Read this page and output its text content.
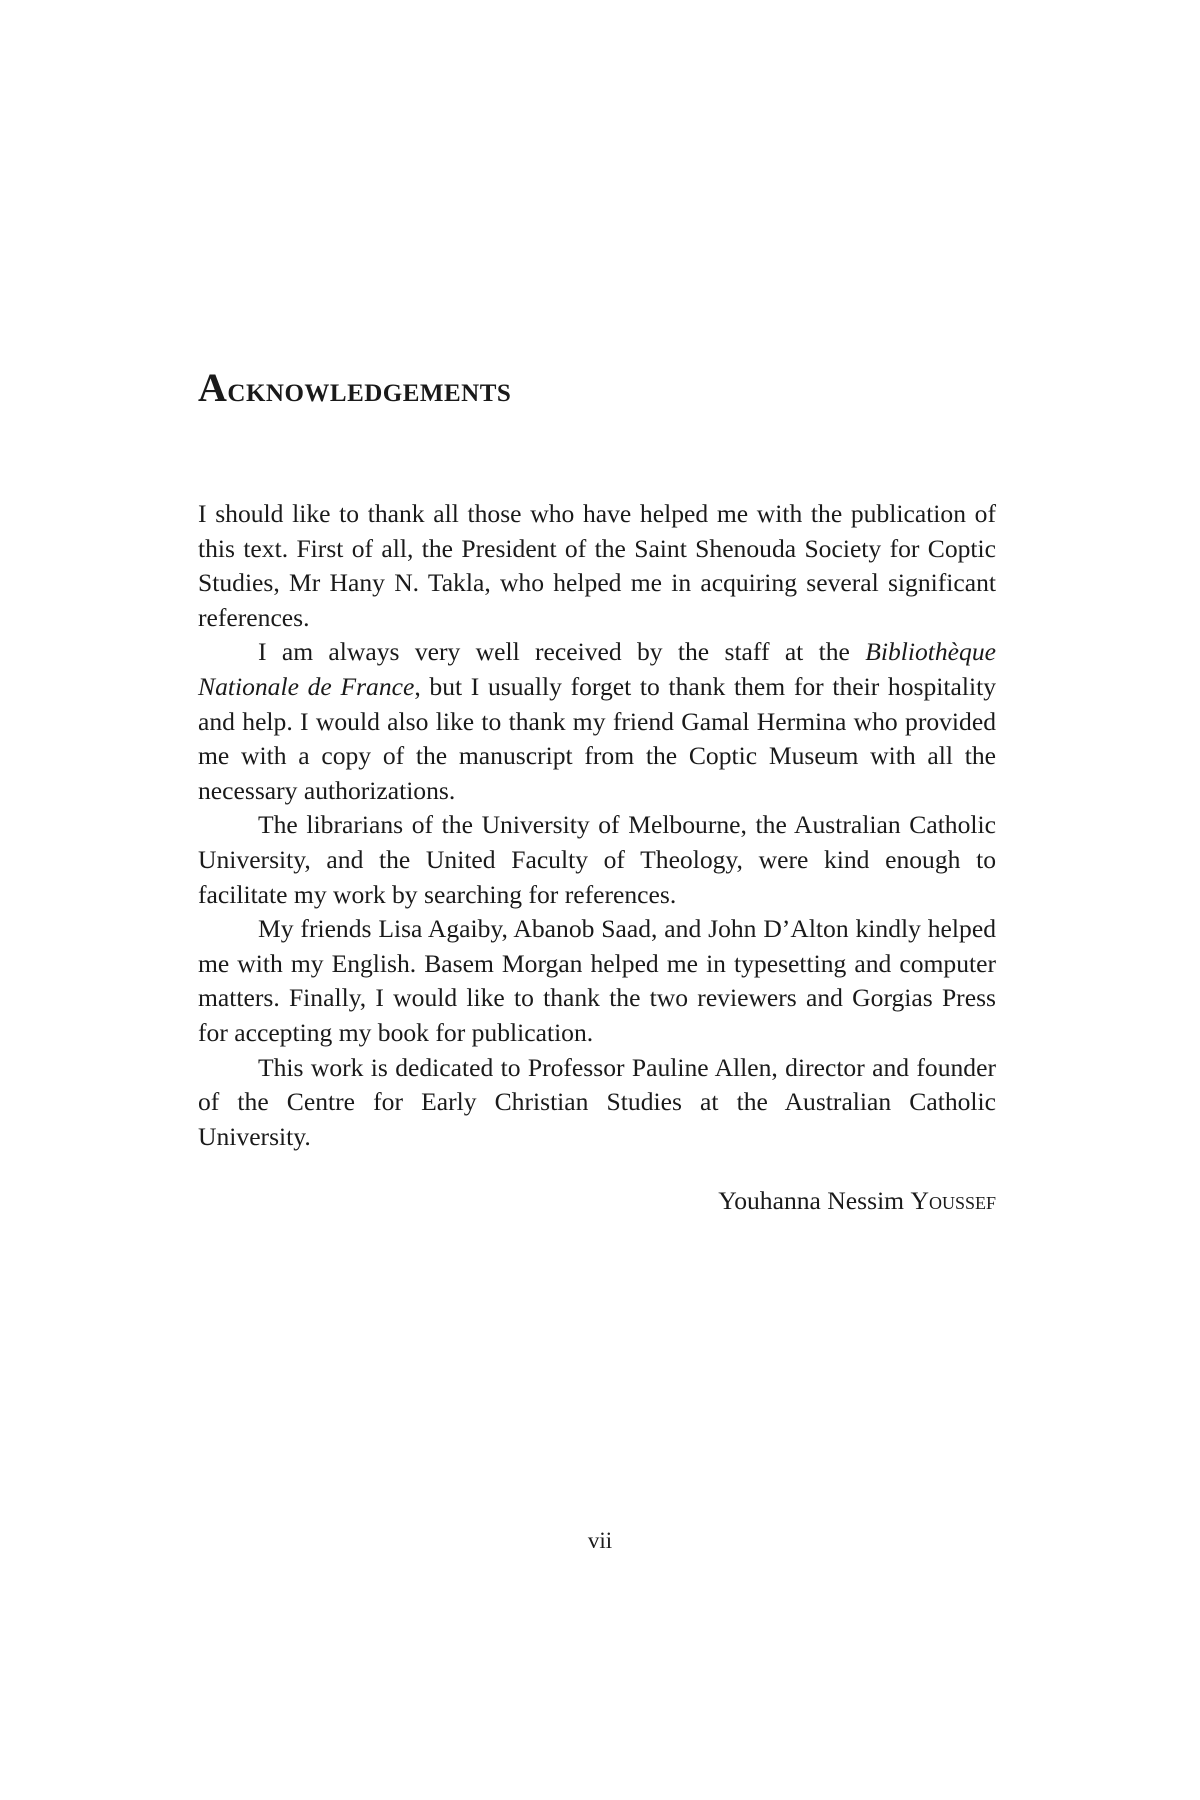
Acknowledgements

I should like to thank all those who have helped me with the publication of this text. First of all, the President of the Saint Shenouda Society for Coptic Studies, Mr Hany N. Takla, who helped me in acquiring several significant references.

I am always very well received by the staff at the Bibliothèque Nationale de France, but I usually forget to thank them for their hospitality and help. I would also like to thank my friend Gamal Hermina who provided me with a copy of the manuscript from the Coptic Museum with all the necessary authorizations.

The librarians of the University of Melbourne, the Australian Catholic University, and the United Faculty of Theology, were kind enough to facilitate my work by searching for references.

My friends Lisa Agaiby, Abanob Saad, and John D’Alton kindly helped me with my English. Basem Morgan helped me in typesetting and computer matters. Finally, I would like to thank the two reviewers and Gorgias Press for accepting my book for publication.

This work is dedicated to Professor Pauline Allen, director and founder of the Centre for Early Christian Studies at the Australian Catholic University.

Youhanna Nessim Youssef
vii
